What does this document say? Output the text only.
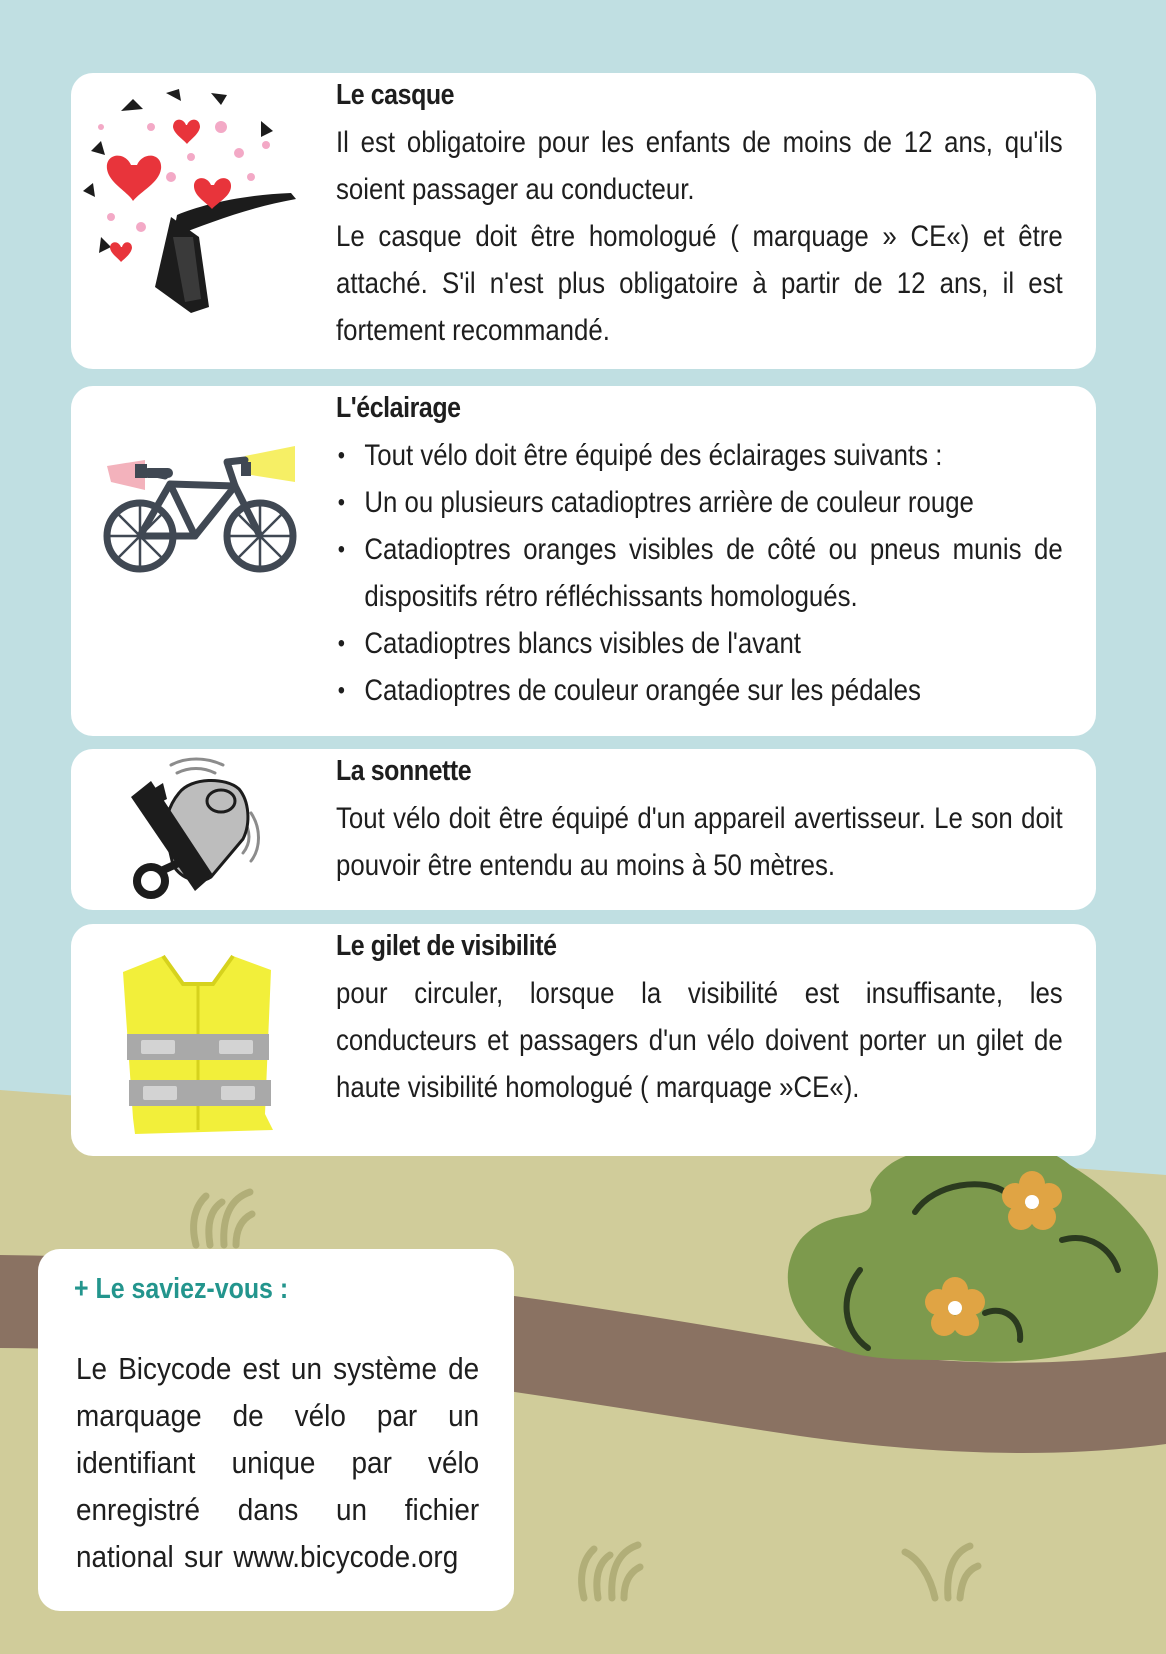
Le casque

Il est obligatoire pour les enfants de moins de 12 ans, qu'ils soient passager au conducteur.

Le casque doit être homologué ( marquage » CE«) et être attaché. S'il n'est plus obligatoire à partir de 12 ans, il est fortement recommandé.

L'éclairage
• Tout vélo doit être équipé des éclairages suivants :
• Un ou plusieurs catadioptres arrière de couleur rouge
• Catadioptres oranges visibles de côté ou pneus munis de dispositifs rétro réfléchissants homologués.
• Catadioptres blancs visibles de l'avant
• Catadioptres de couleur orangée sur les pédales
La sonnette

Tout vélo doit être équipé d'un appareil avertisseur. Le son doit pouvoir être entendu au moins à 50 mètres.

Le gilet de visibilité

pour circuler, lorsque la visibilité est insuffisante, les conducteurs et passagers d'un vélo doivent porter un gilet de haute visibilité homologué ( marquage »CE«).

+ Le saviez-vous :

Le Bicycode est un système de marquage de vélo par un identifiant unique par vélo enregistré dans un fichier national sur www.bicycode.org
